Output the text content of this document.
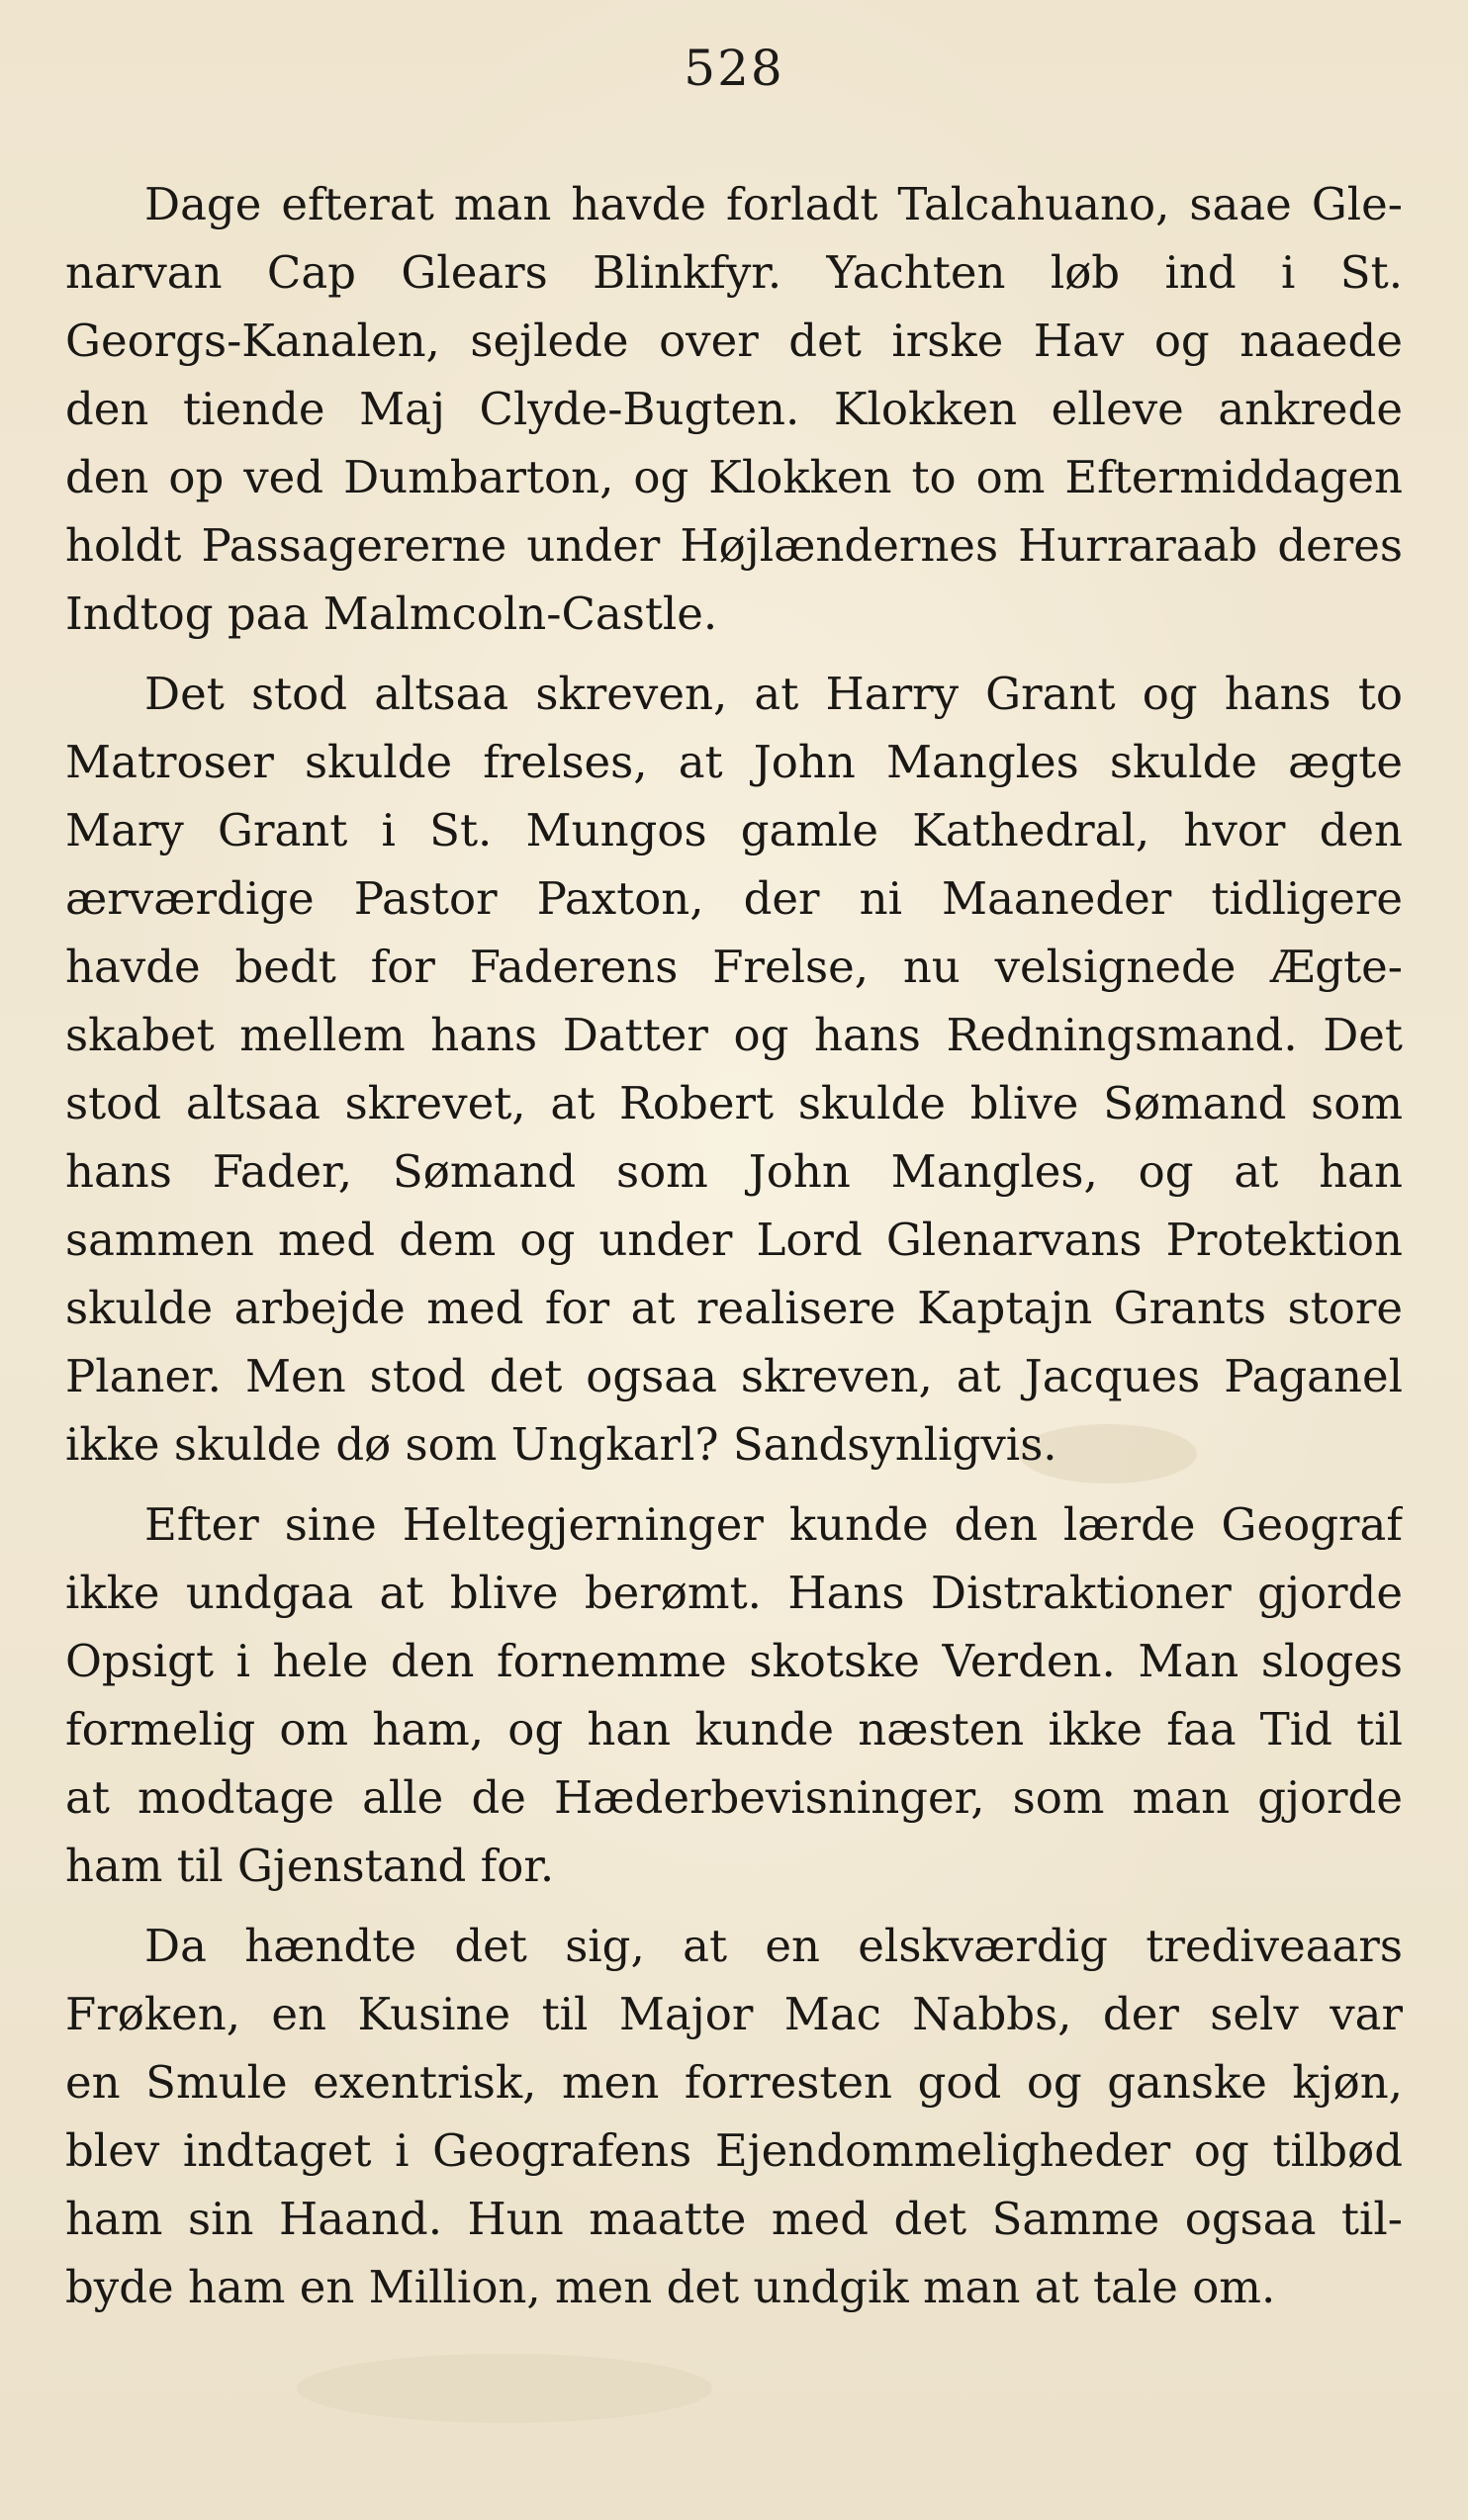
528
Dage efterat man havde forladt Talcahuano, saae Gle-
narvan Cap Glears Blinkfyr. Yachten løb ind i St.
Georgs-Kanalen, sejlede over det irske Hav og naaede
den tiende Maj Clyde-Bugten. Klokken elleve ankrede
den op ved Dumbarton, og Klokken to om Eftermiddagen
holdt Passagererne under Højlændernes Hurraraab deres
Indtog paa Malmcoln-Castle.
Det stod altsaa skreven, at Harry Grant og hans to
Matroser skulde frelses, at John Mangles skulde ægte
Mary Grant i St. Mungos gamle Kathedral, hvor den
ærværdige Pastor Paxton, der ni Maaneder tidligere
havde bedt for Faderens Frelse, nu velsignede Ægte-
skabet mellem hans Datter og hans Redningsmand. Det
stod altsaa skrevet, at Robert skulde blive Sømand som
hans Fader, Sømand som John Mangles, og at han
sammen med dem og under Lord Glenarvans Protektion
skulde arbejde med for at realisere Kaptajn Grants store
Planer. Men stod det ogsaa skreven, at Jacques Paganel
ikke skulde dø som Ungkarl? Sandsynligvis.
Efter sine Heltegjerninger kunde den lærde Geograf
ikke undgaa at blive berømt. Hans Distraktioner gjorde
Opsigt i hele den fornemme skotske Verden. Man sloges
formelig om ham, og han kunde næsten ikke faa Tid til
at modtage alle de Hæderbevisninger, som man gjorde
ham til Gjenstand for.
Da hændte det sig, at en elskværdig trediveaars
Frøken, en Kusine til Major Mac Nabbs, der selv var
en Smule exentrisk, men forresten god og ganske kjøn,
blev indtaget i Geografens Ejendommeligheder og tilbød
ham sin Haand. Hun maatte med det Samme ogsaa til-
byde ham en Million, men det undgik man at tale om.
